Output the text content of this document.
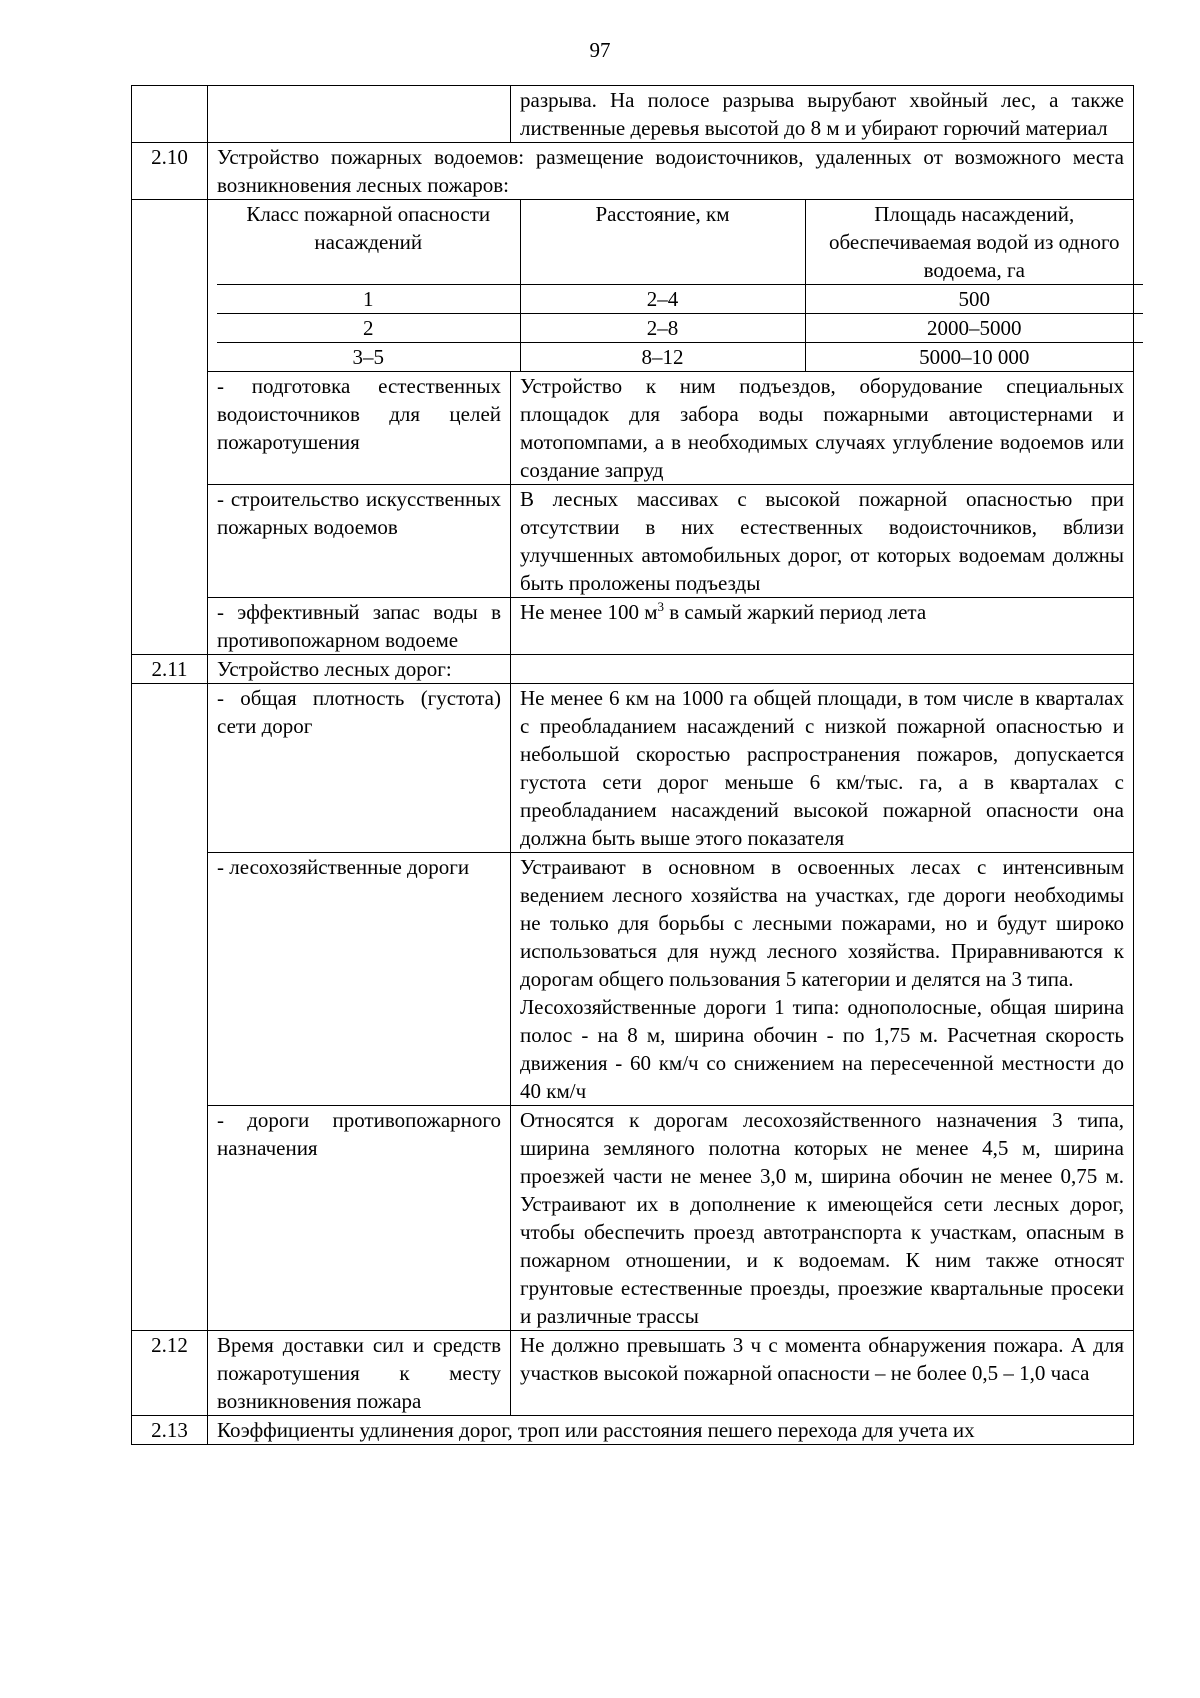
97
		разрыва. На полосе разрыва вырубают хвойный лес, а также лиственные деревья высотой до 8 м и убирают горючий материал
2.10	Устройство пожарных водоемов: размещение водоисточников, удаленных от возможного места возникновения лесных пожаров:

Класс пожарной опасности насаждений	Расстояние, км	Площадь насаждений, обеспечиваемая водой из одного водоема, га
1	2–4	500
2	2–8	2000–5000
3–5	8–12	5000–10 000

- подготовка естественных водоисточников для целей пожаротушения	Устройство к ним подъездов, оборудование специальных площадок для забора воды пожарными автоцистернами и мотопомпами, а в необходимых случаях углубление водоемов или создание запруд
- строительство искусственных пожарных водоемов	В лесных массивах с высокой пожарной опасностью при отсутствии в них естественных водоисточников, вблизи улучшенных автомобильных дорог, от которых водоемам должны быть проложены подъезды
- эффективный запас воды в противопожарном водоеме	Не менее 100 $м^3$ в самый жаркий период лета
2.11	Устройство лесных дорог:	
	- общая плотность (густота) сети дорог	Не менее 6 км на 1000 га общей площади, в том числе в кварталах с преобладанием насаждений с низкой пожарной опасностью и небольшой скоростью распространения пожаров, допускается густота сети дорог меньше 6 км/тыс. га, а в кварталах с преобладанием насаждений высокой пожарной опасности она должна быть выше этого показателя
- лесохозяйственные дороги	Устраивают в основном в освоенных лесах с интенсивным ведением лесного хозяйства на участках, где дороги необходимы не только для борьбы с лесными пожарами, но и будут широко использоваться для нужд лесного хозяйства. Приравниваются к дорогам общего пользования 5 категории и делятся на 3 типа.
Лесохозяйственные дороги 1 типа: однополосные, общая ширина полос - на 8 м, ширина обочин - по 1,75 м. Расчетная скорость движения - 60 км/ч со снижением на пересеченной местности до 40 км/ч

- дороги противопожарного назначения	Относятся к дорогам лесохозяйственного назначения 3 типа, ширина земляного полотна которых не менее 4,5 м, ширина проезжей части не менее 3,0 м, ширина обочин не менее 0,75 м. Устраивают их в дополнение к имеющейся сети лесных дорог, чтобы обеспечить проезд автотранспорта к участкам, опасным в пожарном отношении, и к водоемам. К ним также относят грунтовые естественные проезды, проезжие квартальные просеки и различные трассы
2.12	Время доставки сил и средств пожаротушения к месту возникновения пожара	Не должно превышать 3 ч с момента обнаружения пожара. А для участков высокой пожарной опасности – не более 0,5 – 1,0 часа
2.13	Коэффициенты удлинения дорог, троп или расстояния пешего перехода для учета их
